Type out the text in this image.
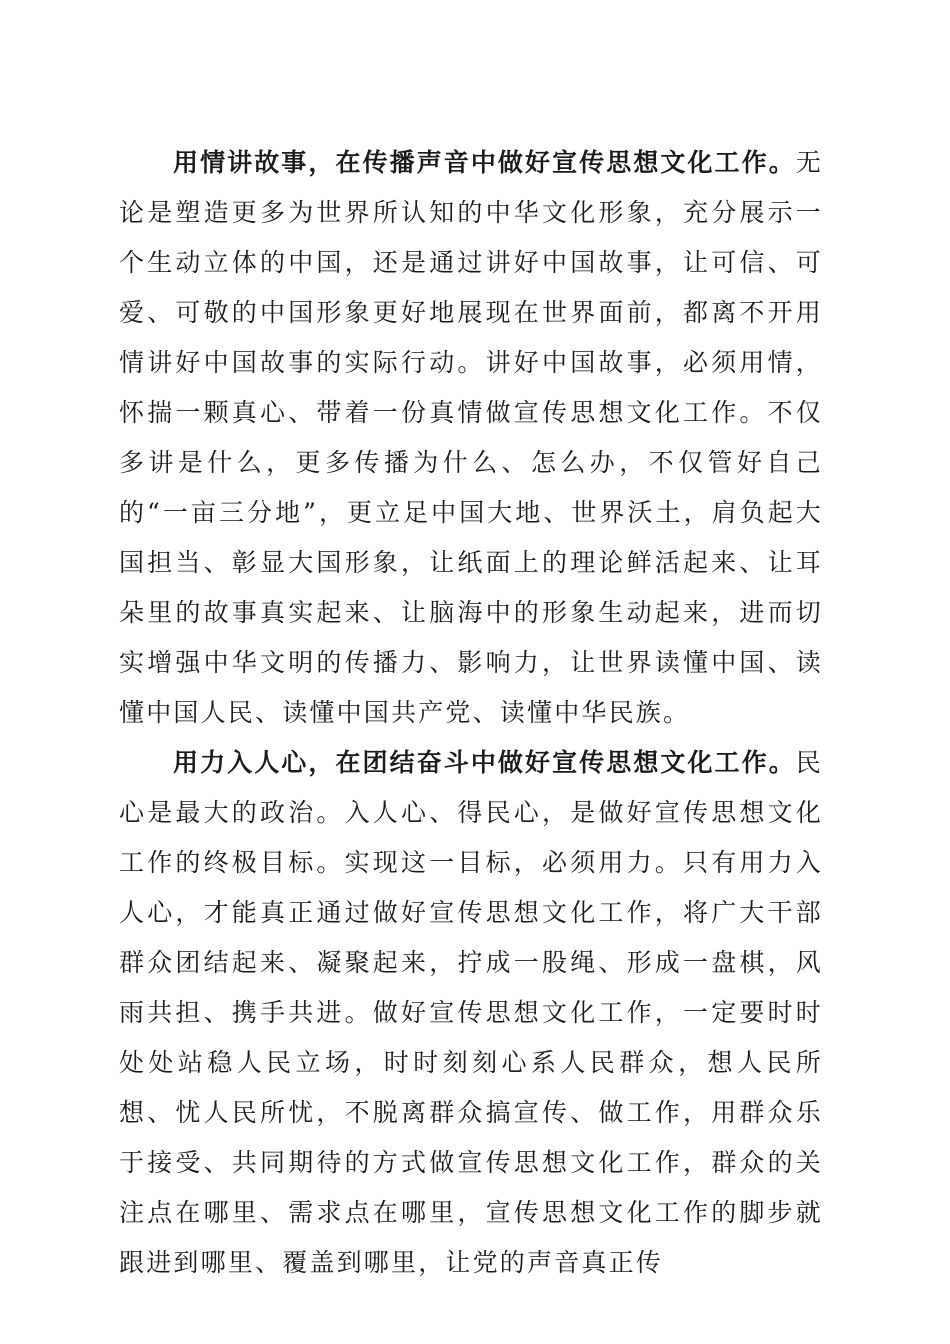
用情讲故事，在传播声音中做好宣传思想文化工作。无论是塑造更多为世界所认知的中华文化形象，充分展示一个生动立体的中国，还是通过讲好中国故事，让可信、可爱、可敬的中国形象更好地展现在世界面前，都离不开用情讲好中国故事的实际行动。讲好中国故事，必须用情，怀揣一颗真心、带着一份真情做宣传思想文化工作。不仅多讲是什么，更多传播为什么、怎么办，不仅管好自己的“一亩三分地”，更立足中国大地、世界沃土，肩负起大国担当、彰显大国形象，让纸面上的理论鲜活起来、让耳朵里的故事真实起来、让脑海中的形象生动起来，进而切实增强中华文明的传播力、影响力，让世界读懂中国、读懂中国人民、读懂中国共产党、读懂中华民族。

用力入人心，在团结奋斗中做好宣传思想文化工作。民心是最大的政治。入人心、得民心，是做好宣传思想文化工作的终极目标。实现这一目标，必须用力。只有用力入人心，才能真正通过做好宣传思想文化工作，将广大干部群众团结起来、凝聚起来，拧成一股绳、形成一盘棋，风雨共担、携手共进。做好宣传思想文化工作，一定要时时处处站稳人民立场，时时刻刻心系人民群众，想人民所想、忧人民所忧，不脱离群众搞宣传、做工作，用群众乐于接受、共同期待的方式做宣传思想文化工作，群众的关注点在哪里、需求点在哪里，宣传思想文化工作的脚步就跟进到哪里、覆盖到哪里，让党的声音真正传
